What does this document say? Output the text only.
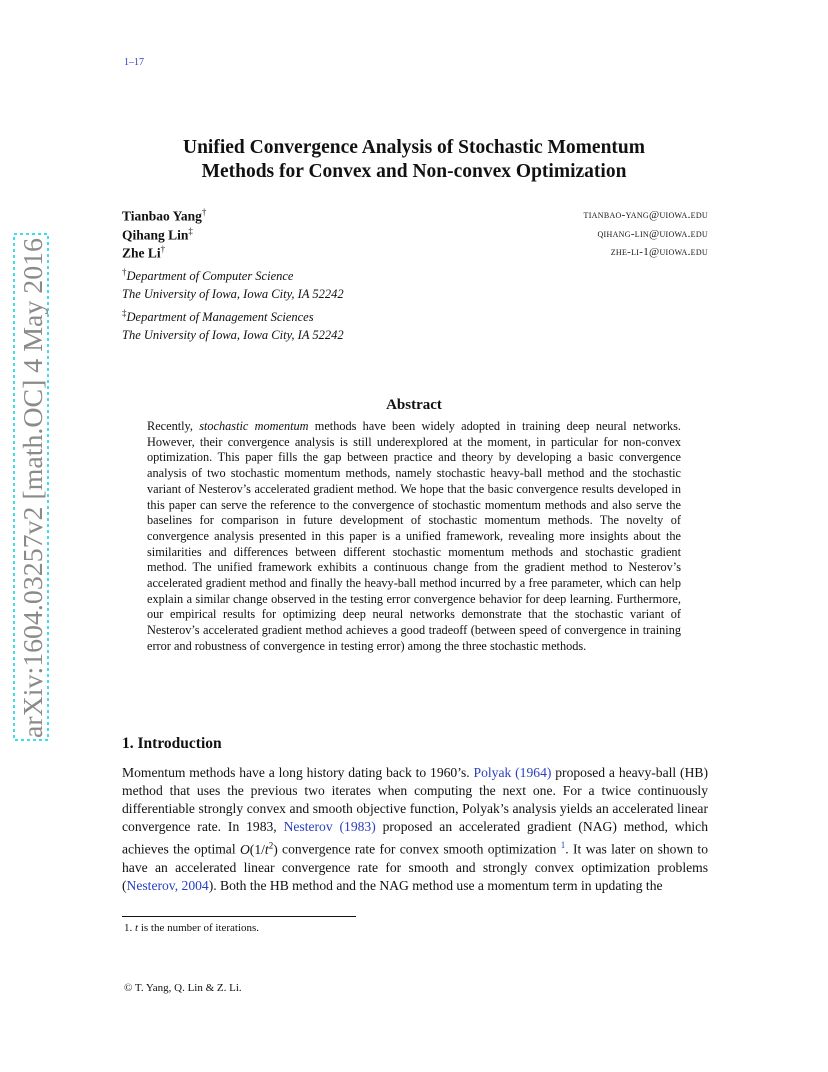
1–17
arXiv:1604.03257v2 [math.OC] 4 May 2016
Unified Convergence Analysis of Stochastic Momentum
Methods for Convex and Non-convex Optimization
Tianbao Yang†	tianbao-yang@uiowa.edu
Qihang Lin‡	qihang-lin@uiowa.edu
Zhe Li†	zhe-li-1@uiowa.edu
†Department of Computer Science
The University of Iowa, Iowa City, IA 52242
‡Department of Management Sciences
The University of Iowa, Iowa City, IA 52242
Abstract
Recently, stochastic momentum methods have been widely adopted in training deep neural networks. However, their convergence analysis is still underexplored at the moment, in particular for non-convex optimization. This paper fills the gap between practice and theory by developing a basic convergence analysis of two stochastic momentum methods, namely stochastic heavy-ball method and the stochastic variant of Nesterov’s accelerated gradient method. We hope that the basic convergence results developed in this paper can serve the reference to the convergence of stochastic momentum methods and also serve the baselines for comparison in future development of stochastic momentum methods. The novelty of convergence analysis presented in this paper is a unified framework, revealing more insights about the similarities and differences between different stochastic momentum methods and stochastic gradient method. The unified framework exhibits a continuous change from the gradient method to Nesterov’s accelerated gradient method and finally the heavy-ball method incurred by a free parameter, which can help explain a similar change observed in the testing error convergence behavior for deep learning. Furthermore, our empirical results for optimizing deep neural networks demonstrate that the stochastic variant of Nesterov’s accelerated gradient method achieves a good tradeoff (between speed of convergence in training error and robustness of convergence in testing error) among the three stochastic methods.
1. Introduction
Momentum methods have a long history dating back to 1960’s. Polyak (1964) proposed a heavy-ball (HB) method that uses the previous two iterates when computing the next one. For a twice continuously differentiable strongly convex and smooth objective function, Polyak’s analysis yields an accelerated linear convergence rate. In 1983, Nesterov (1983) proposed an accelerated gradient (NAG) method, which achieves the optimal $O(1/t^2)$ convergence rate for convex smooth optimization $^1$. It was later on shown to have an accelerated linear convergence rate for smooth and strongly convex optimization problems (Nesterov, 2004). Both the HB method and the NAG method use a momentum term in updating the
1. t is the number of iterations.
© T. Yang, Q. Lin & Z. Li.
